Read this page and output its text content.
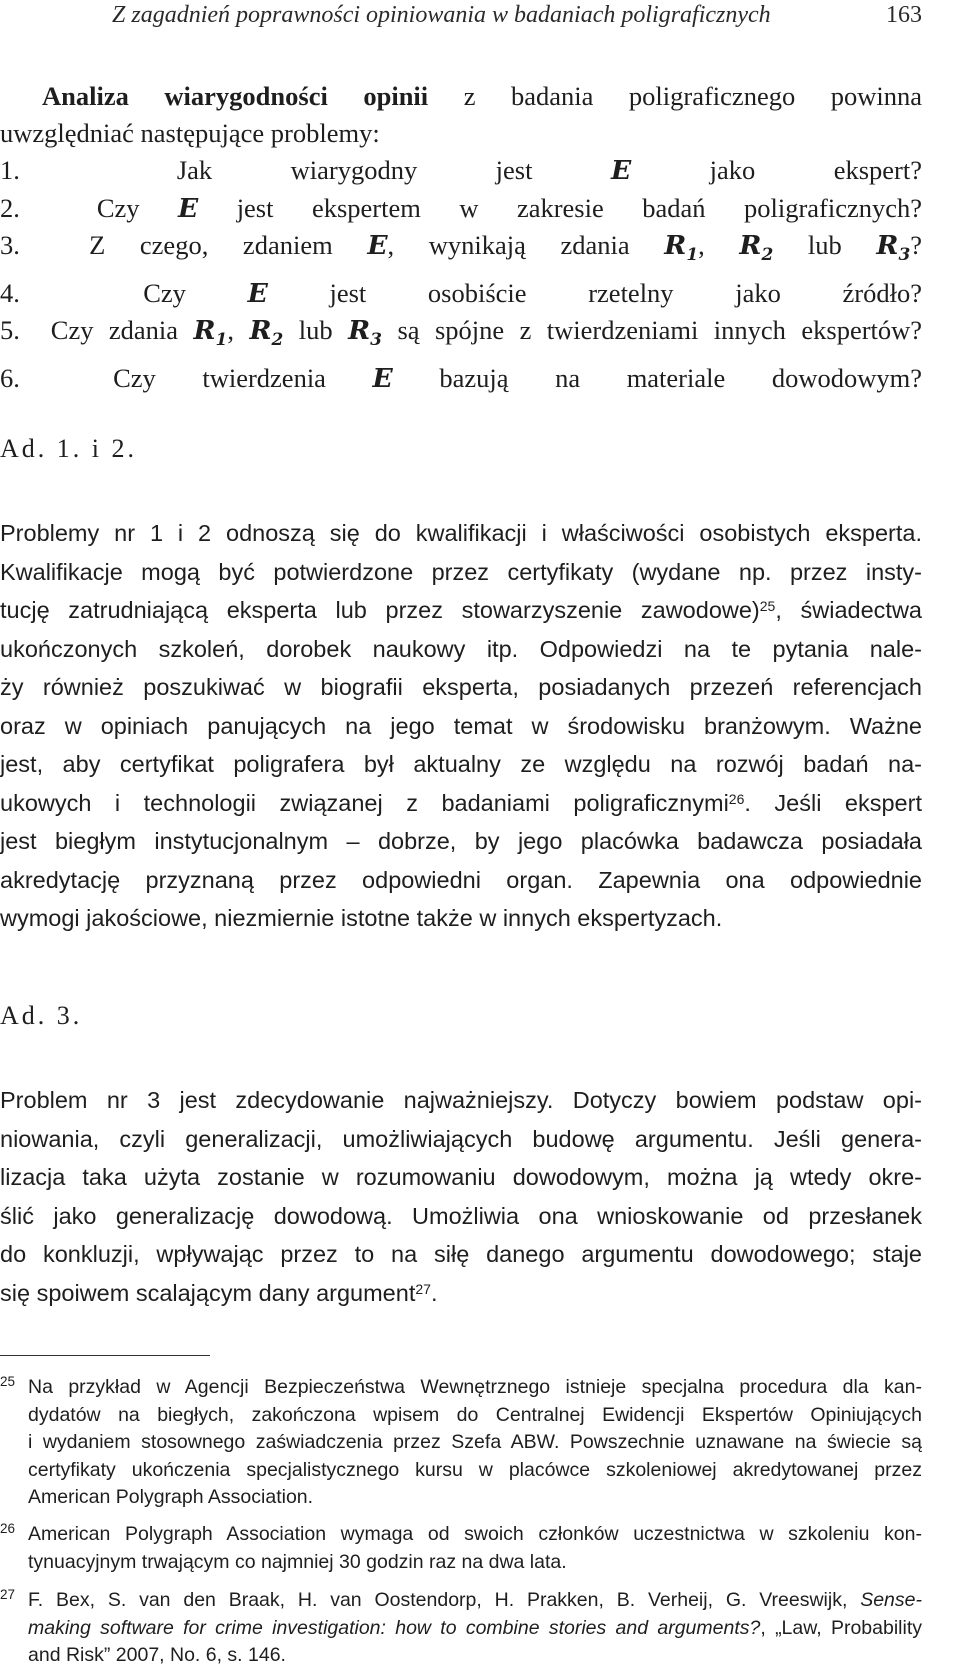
Z zagadnień poprawności opiniowania w badaniach poligraficznych	163

Analiza wiarygodności opinii z badania poligraficznego powinna

uwzględniać następujące problemy:

1.	Jak wiarygodny jest	E	jako ekspert?

2.	Czy E jest ekspertem w zakresie badań poligraficznych?

3.	Z czego, zdaniem E, wynikają zdania $R_1$, $R_2$ lub $R_3$?

4.	Czy E jest osobiście rzetelny jako źródło?

5. Czy zdania $R_1$, $R_2$ lub $R_3$ są spójne z twierdzeniami innych ekspertów?

6.	Czy twierdzenia E bazują na materiale dowodowym?

Ad. 1. i 2.
Problemy nr 1 i 2 odnoszą się do kwalifikacji i właściwości osobistych eksperta.
Kwalifikacje mogą być potwierdzone przez certyfikaty (wydane np. przez insty-
tucję zatrudniającą eksperta lub przez stowarzyszenie zawodowe)$^{25}$, świadectwa
ukończonych szkoleń, dorobek naukowy itp. Odpowiedzi na te pytania nale-
ży również poszukiwać w biografii eksperta, posiadanych przezeń referencjach
oraz w opiniach panujących na jego temat w środowisku branżowym. Ważne
jest, aby certyfikat poligrafera był aktualny ze względu na rozwój badań na-
ukowych i technologii związanej z badaniami poligraficznymi$^{26}$. Jeśli ekspert
jest biegłym instytucjonalnym – dobrze, by jego placówka badawcza posiadała
akredytację przyznaną przez odpowiedni organ. Zapewnia ona odpowiednie
wymogi jakościowe, niezmiernie istotne także w innych ekspertyzach.
Ad. 3.
Problem nr 3 jest zdecydowanie najważniejszy. Dotyczy bowiem podstaw opi-
niowania, czyli generalizacji, umożliwiających budowę argumentu. Jeśli genera-
lizacja taka użyta zostanie w rozumowaniu dowodowym, można ją wtedy okre-
ślić jako generalizację dowodową. Umożliwia ona wnioskowanie od przesłanek
do konkluzji, wpływając przez to na siłę danego argumentu dowodowego; staje
się spoiwem scalającym dany argument$^{27}$.
25 Na przykład w Agencji Bezpieczeństwa Wewnętrznego istnieje specjalna procedura dla kan-
dydatów na biegłych, zakończona wpisem do Centralnej Ewidencji Ekspertów Opiniujących
i wydaniem stosownego zaświadczenia przez Szefa ABW. Powszechnie uznawane na świecie są
certyfikaty ukończenia specjalistycznego kursu w placówce szkoleniowej akredytowanej przez
American Polygraph Association.
26 American Polygraph Association wymaga od swoich członków uczestnictwa w szkoleniu kon-
tynuacyjnym trwającym co najmniej 30 godzin raz na dwa lata.
27 F. Bex, S. van den Braak, H. van Oostendorp, H. Prakken, B. Verheij, G. Vreeswijk, Sense-
making software for crime investigation: how to combine stories and arguments?, „Law, Probability
and Risk” 2007, No. 6, s. 146.
